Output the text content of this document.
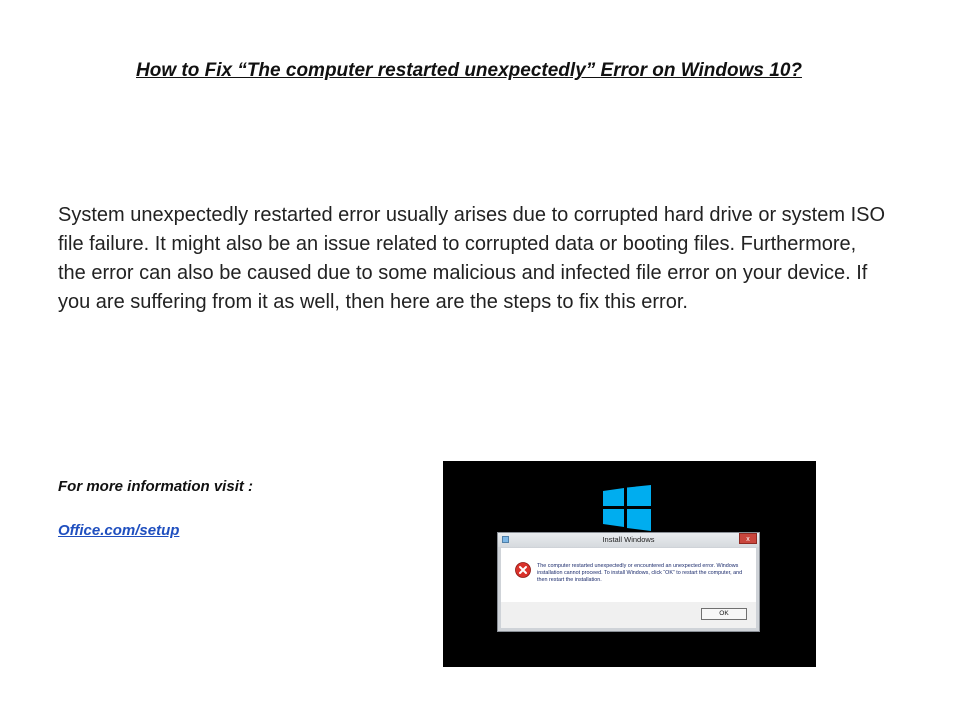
How to Fix “The computer restarted unexpectedly” Error on Windows 10?

System unexpectedly restarted error usually arises due to corrupted hard drive or system ISO file failure. It might also be an issue related to corrupted data or booting files. Furthermore, the error can also be caused due to some malicious and infected file error on your device. If you are suffering from it as well, then here are the steps to fix this error.

For more information visit :
Office.com/setup
Install Windows	x
The computer restarted unexpectedly or encountered an unexpected error. Windows installation cannot proceed. To install Windows, click “OK” to restart the computer, and then restart the installation.
OK
